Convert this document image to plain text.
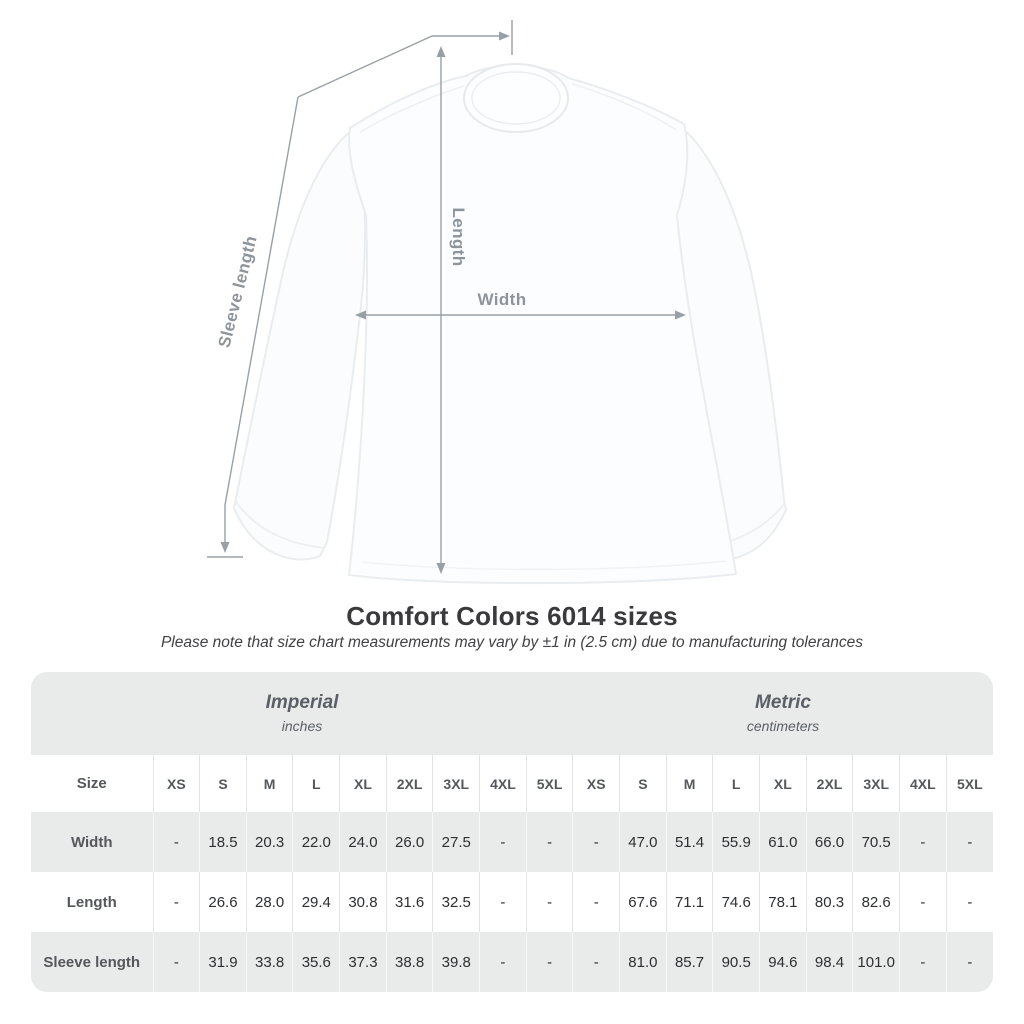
Sleeve length	Length
Width
Comfort Colors 6014 sizes
Please note that size chart measurements may vary by ±1 in (2.5 cm) due to manufacturing tolerances
Imperial
inches
Metric
centimeters
Size	XS	S	M	L	XL	2XL	3XL	4XL	5XL	XS	S	M	L	XL	2XL	3XL	4XL	5XL
Width	-	18.5	20.3	22.0	24.0	26.0	27.5	-	-	-	47.0	51.4	55.9	61.0	66.0	70.5	-	-
Length	-	26.6	28.0	29.4	30.8	31.6	32.5	-	-	-	67.6	71.1	74.6	78.1	80.3	82.6	-	-
Sleeve length	-	31.9	33.8	35.6	37.3	38.8	39.8	-	-	-	81.0	85.7	90.5	94.6	98.4	101.0	-	-
